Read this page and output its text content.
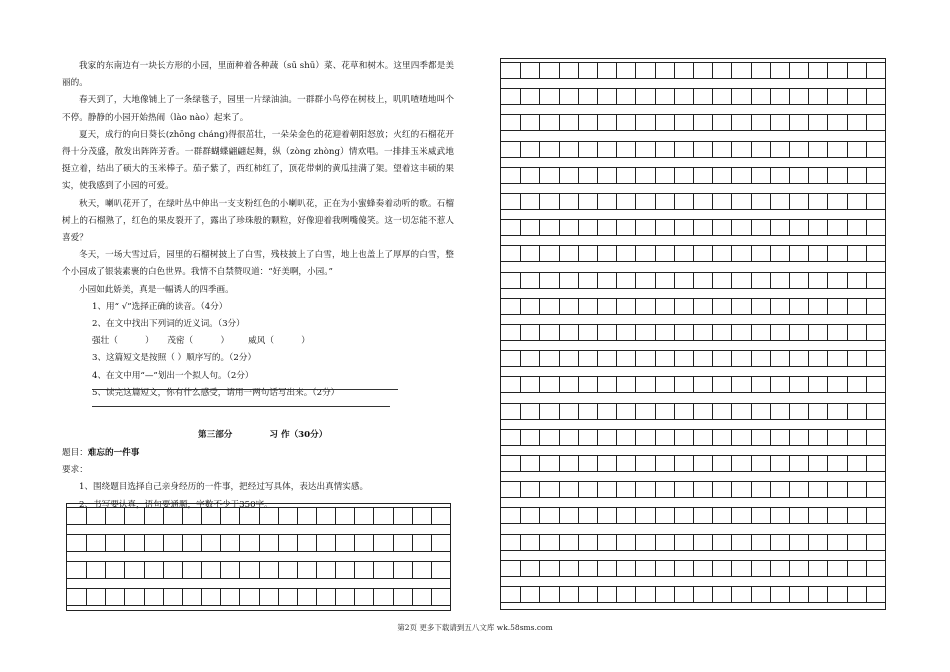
我家的东南边有一块长方形的小园，里面种着各种蔬（sū shū）菜、花草和树木。这里四季都是美丽的。

春天到了，大地像铺上了一条绿毯子，园里一片绿油油。一群群小鸟停在树枝上，叽叽喳喳地叫个不停。静静的小园开始热闹（lào nào）起来了。

夏天，成行的向日葵长(zhōng cháng)得很茁壮，一朵朵金色的花迎着朝阳怒放；火红的石榴花开得十分茂盛，散发出阵阵芳香。一群群蝴蝶翩翩起舞，纵（zòng zhòng）情欢唱。一排排玉米威武地挺立着，结出了硕大的玉米棒子。茄子紫了，西红柿红了，顶花带刺的黄瓜挂满了架。望着这丰硕的果实，使我感到了小园的可爱。

秋天，喇叭花开了，在绿叶丛中伸出一支支粉红色的小喇叭花，正在为小蜜蜂奏着动听的歌。石榴树上的石榴熟了，红色的果皮裂开了，露出了珍珠般的颗粒，好像迎着我咧嘴傻笑。这一切怎能不惹人喜爱？

冬天，一场大雪过后，园里的石榴树披上了白雪，残枝披上了白雪，地上也盖上了厚厚的白雪，整个小园成了银装素裹的白色世界。我情不自禁赞叹道：“好美啊，小园。”

小园如此娇美，真是一幅诱人的四季画。

1、用“ √”选择正确的读音。（4分）

2、在文中找出下列词的近义词。（3分）

强壮（          ）     茂密（          ）       威风（          ）

3、这篇短文是按照（ ）顺序写的。（2分）

4、在文中用“—”划出一个拟人句。（2分）

5、读完这篇短文，你有什么感受，请用一两句话写出来。（2分）

第三部分	习 作（30分）

题目：难忘的一件事

要求：

1、围绕题目选择自己亲身经历的一件事，把经过写具体，表达出真情实感。

2、书写要认真，语句要通顺，字数不少于350字。

第2页 更多下载请到五八文库 wk.58sms.com
